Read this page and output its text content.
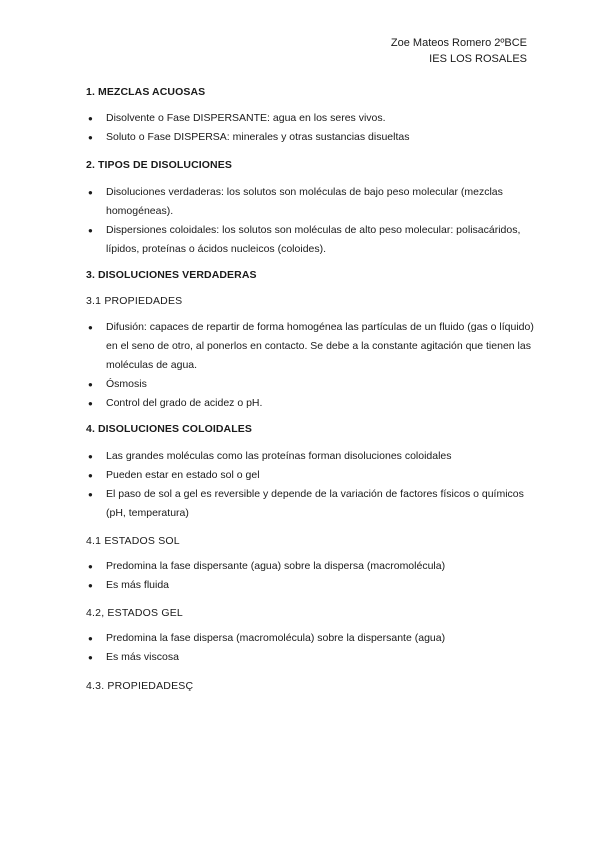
Zoe Mateos Romero 2ºBCE
IES LOS ROSALES
1. MEZCLAS ACUOSAS
● Disolvente o Fase DISPERSANTE: agua en los seres vivos.
● Soluto o Fase DISPERSA: minerales y otras sustancias disueltas
2. TIPOS DE DISOLUCIONES
● Disoluciones verdaderas: los solutos son moléculas de bajo peso molecular (mezclas homogéneas).
● Dispersiones coloidales: los solutos son moléculas de alto peso molecular: polisacáridos, lípidos, proteínas o ácidos nucleicos (coloides).
3. DISOLUCIONES VERDADERAS
3.1 PROPIEDADES
● Difusión: capaces de repartir de forma homogénea las partículas de un fluido (gas o líquido) en el seno de otro, al ponerlos en contacto. Se debe a la constante agitación que tienen las moléculas de agua.
● Ósmosis
● Control del grado de acidez o pH.
4. DISOLUCIONES COLOIDALES
● Las grandes moléculas como las proteínas forman disoluciones coloidales
● Pueden estar en estado sol o gel
● El paso de sol a gel es reversible y depende de la variación de factores físicos o químicos (pH, temperatura)
4.1 ESTADOS SOL
● Predomina la fase dispersante (agua) sobre la dispersa (macromolécula)
● Es más fluida
4.2, ESTADOS GEL
● Predomina la fase dispersa (macromolécula) sobre la dispersante (agua)
● Es más viscosa
4.3. PROPIEDADESÇ
